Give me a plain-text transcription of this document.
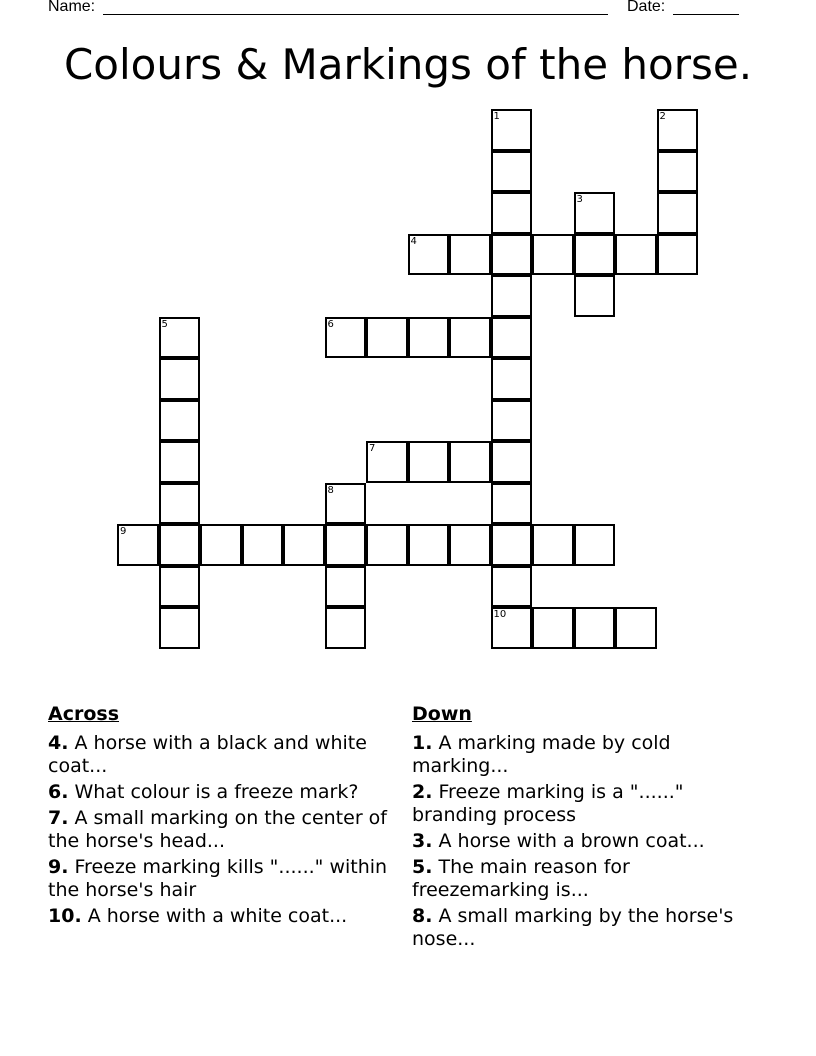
Name:	Date:
Colours & Markings of the horse.
1	2
3
4
5	6
7
8
9
10
Across
4. A horse with a black and white coat...
6. What colour is a freeze mark?
7. A small marking on the center of the horse's head...
9. Freeze marking kills "......" within the horse's hair
10. A horse with a white coat...
Down
1. A marking made by cold marking...
2. Freeze marking is a "......" branding process
3. A horse with a brown coat...
5. The main reason for freezemarking is...
8. A small marking by the horse's nose...
